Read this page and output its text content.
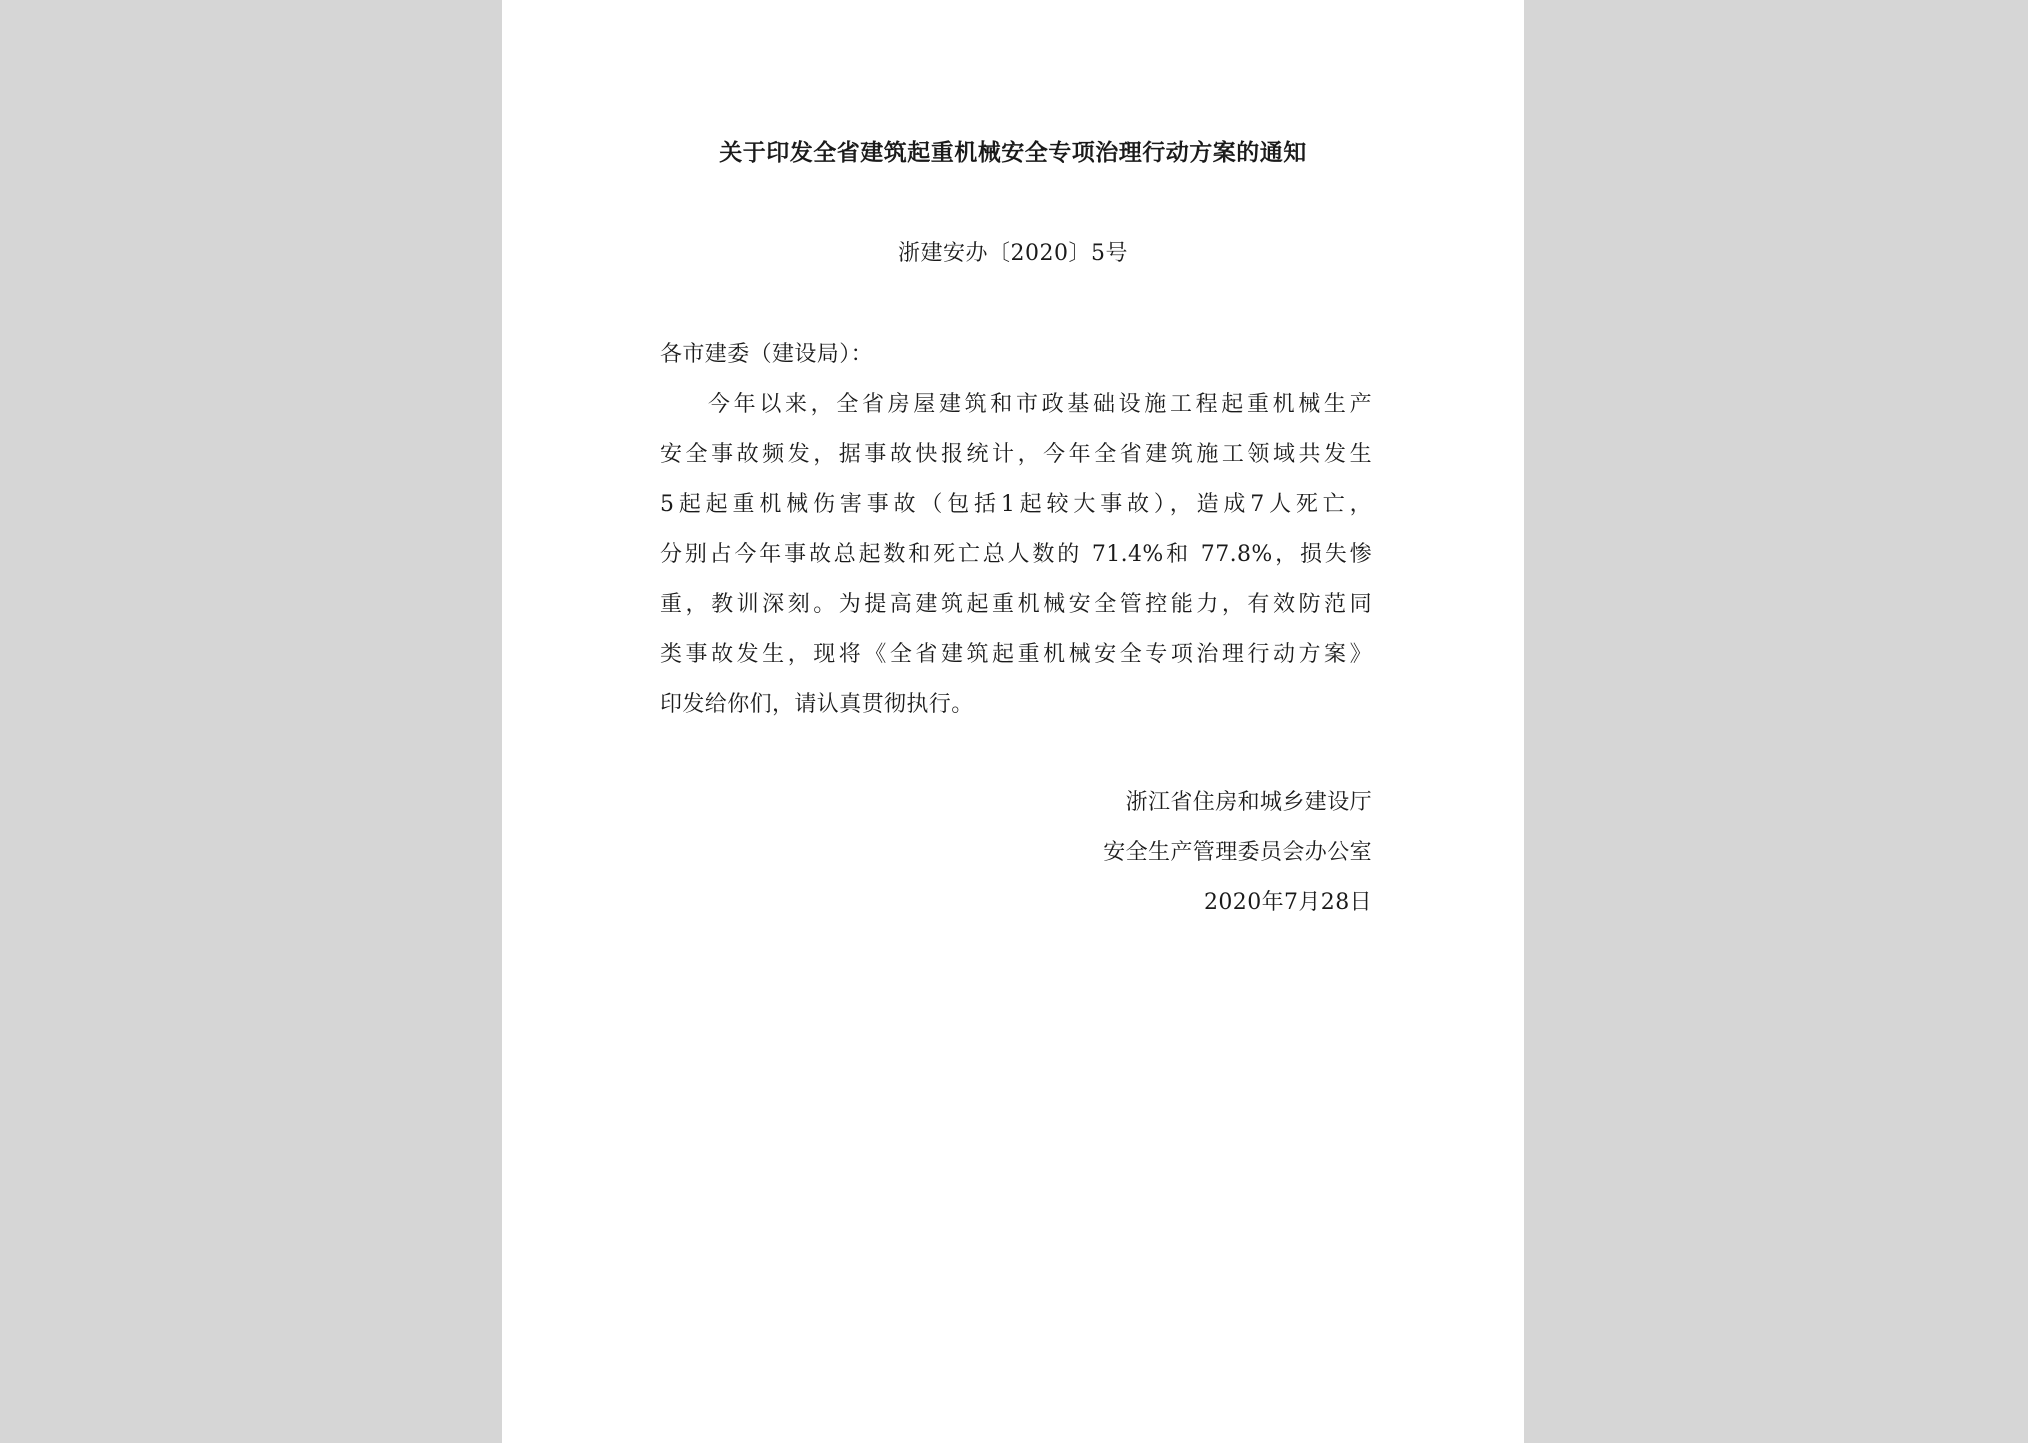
关于印发全省建筑起重机械安全专项治理行动方案的通知
浙建安办〔2020〕5号

各市建委（建设局）：

今年以来，全省房屋建筑和市政基础设施工程起重机械生产

安全事故频发，据事故快报统计，今年全省建筑施工领域共发生

5起起重机械伤害事故（包括1起较大事故），造成7人死亡，

分别占今年事故总起数和死亡总人数的 71.4%和 77.8%，损失惨

重，教训深刻。为提高建筑起重机械安全管控能力，有效防范同

类事故发生，现将《全省建筑起重机械安全专项治理行动方案》

印发给你们，请认真贯彻执行。

浙江省住房和城乡建设厅

安全生产管理委员会办公室

2020年7月28日
